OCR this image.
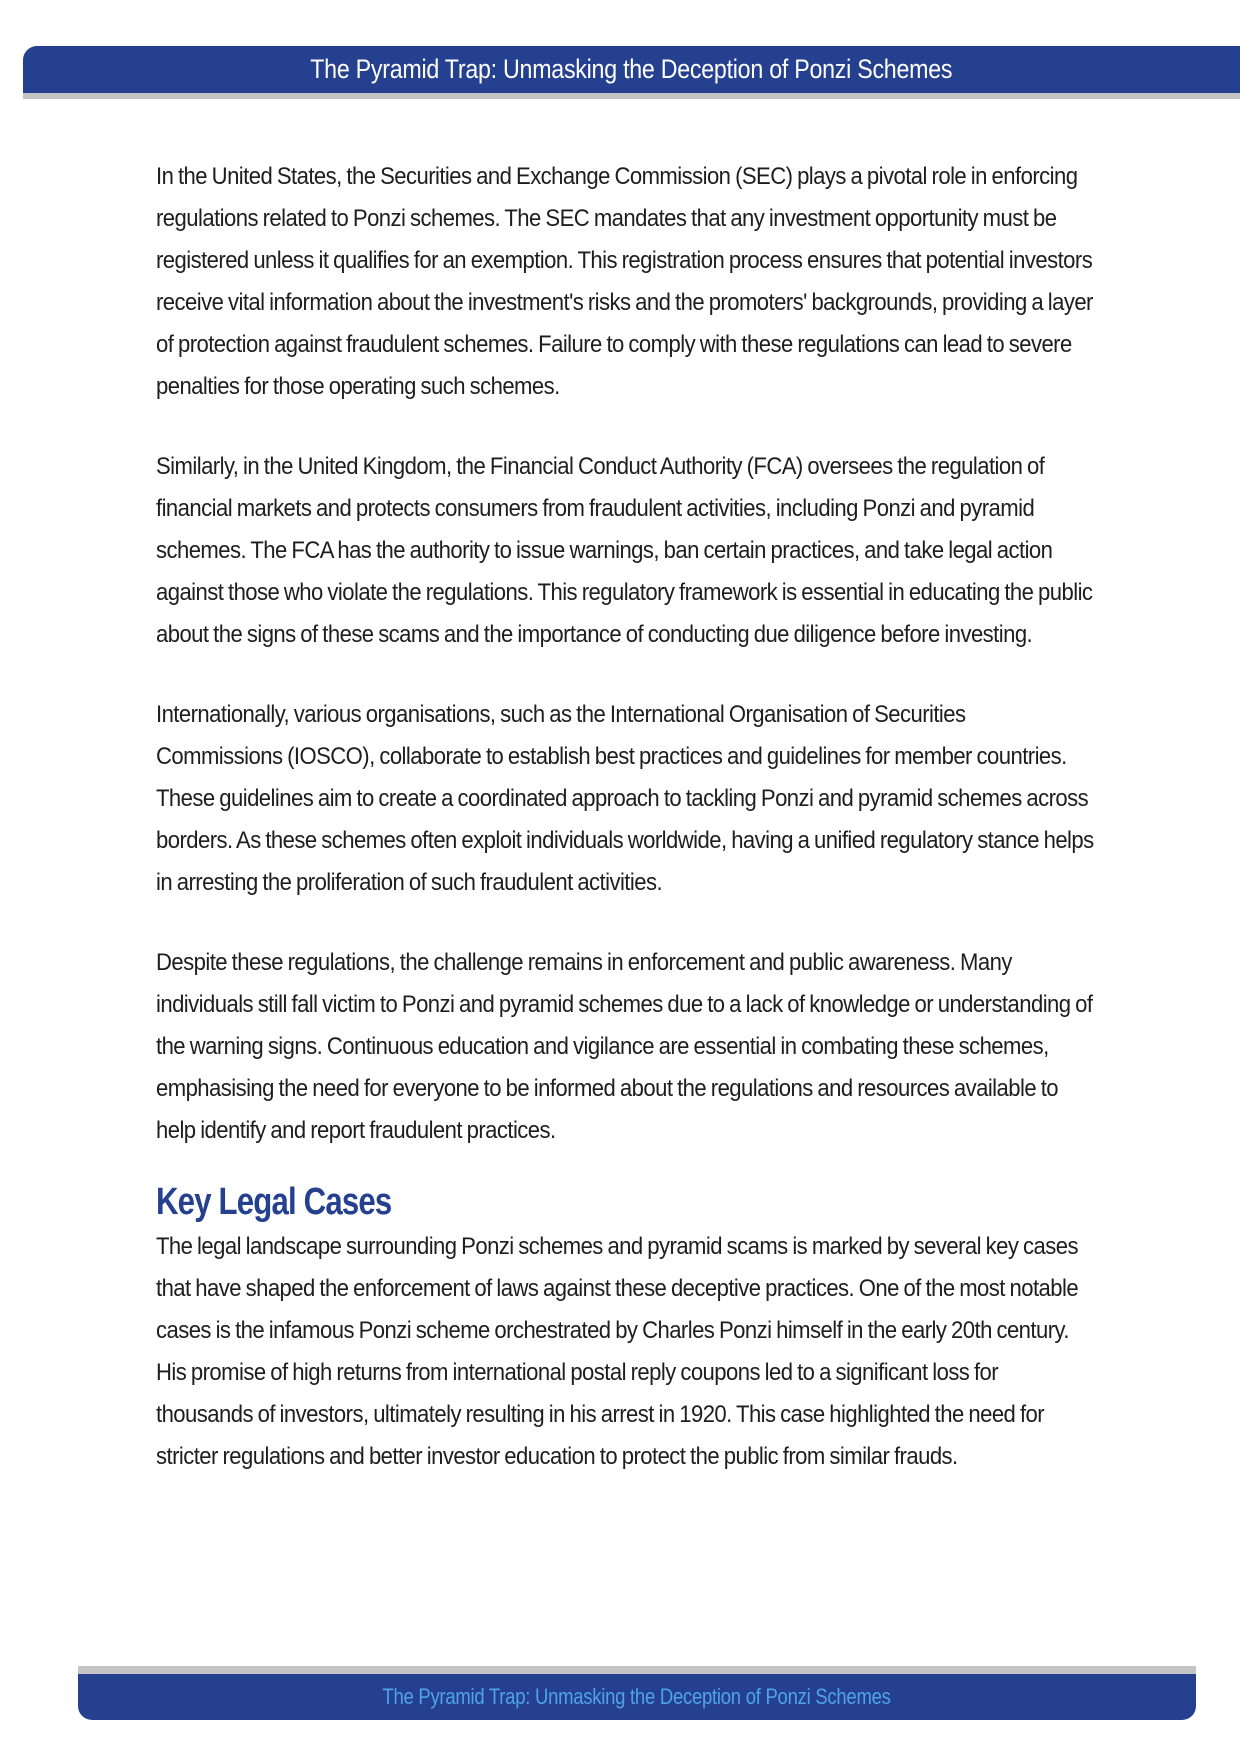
The Pyramid Trap: Unmasking the Deception of Ponzi Schemes

In the United States, the Securities and Exchange Commission (SEC) plays a pivotal role in enforcing regulations related to Ponzi schemes. The SEC mandates that any investment opportunity must be registered unless it qualifies for an exemption. This registration process ensures that potential investors receive vital information about the investment's risks and the promoters' backgrounds, providing a layer of protection against fraudulent schemes. Failure to comply with these regulations can lead to severe penalties for those operating such schemes.

Similarly, in the United Kingdom, the Financial Conduct Authority (FCA) oversees the regulation of financial markets and protects consumers from fraudulent activities, including Ponzi and pyramid schemes. The FCA has the authority to issue warnings, ban certain practices, and take legal action against those who violate the regulations. This regulatory framework is essential in educating the public about the signs of these scams and the importance of conducting due diligence before investing.

Internationally, various organisations, such as the International Organisation of Securities Commissions (IOSCO), collaborate to establish best practices and guidelines for member countries. These guidelines aim to create a coordinated approach to tackling Ponzi and pyramid schemes across borders. As these schemes often exploit individuals worldwide, having a unified regulatory stance helps in arresting the proliferation of such fraudulent activities.

Despite these regulations, the challenge remains in enforcement and public awareness. Many individuals still fall victim to Ponzi and pyramid schemes due to a lack of knowledge or understanding of the warning signs. Continuous education and vigilance are essential in combating these schemes, emphasising the need for everyone to be informed about the regulations and resources available to help identify and report fraudulent practices.

Key Legal Cases

The legal landscape surrounding Ponzi schemes and pyramid scams is marked by several key cases that have shaped the enforcement of laws against these deceptive practices. One of the most notable cases is the infamous Ponzi scheme orchestrated by Charles Ponzi himself in the early 20th century. His promise of high returns from international postal reply coupons led to a significant loss for thousands of investors, ultimately resulting in his arrest in 1920. This case highlighted the need for stricter regulations and better investor education to protect the public from similar frauds.

The Pyramid Trap: Unmasking the Deception of Ponzi Schemes
